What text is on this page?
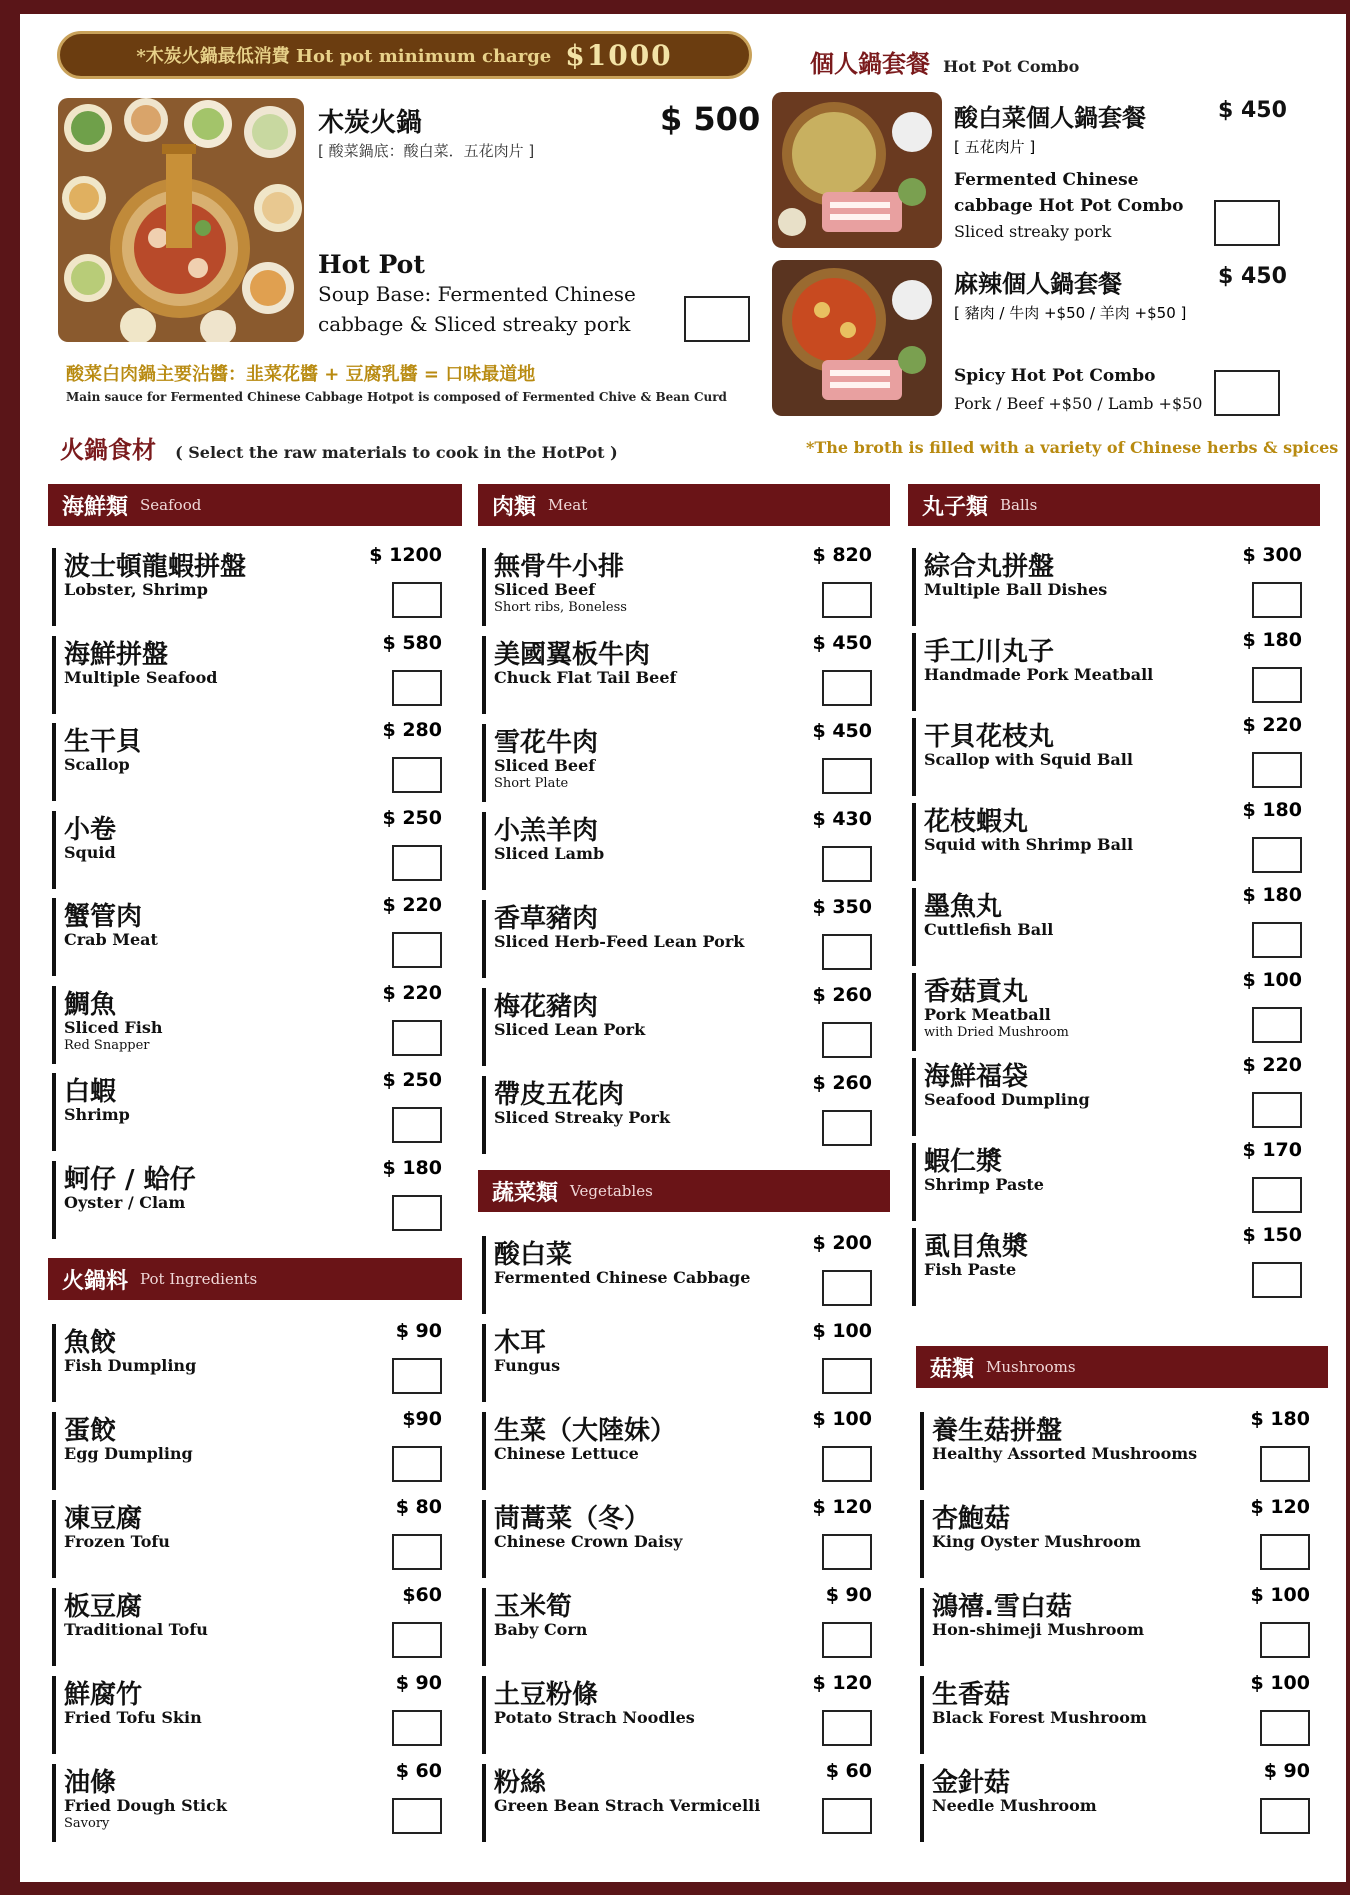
*木炭火鍋最低消費 Hot pot minimum charge $1000
木炭火鍋	$ 500
[ 酸菜鍋底：酸白菜．五花肉片 ]
Hot Pot
Soup Base: Fermented Chinese
cabbage & Sliced streaky pork
酸菜白肉鍋主要沾醬：韭菜花醬 + 豆腐乳醬 = 口味最道地
Main sauce for Fermented Chinese Cabbage Hotpot is composed of Fermented Chive & Bean Curd
個人鍋套餐 Hot Pot Combo
酸白菜個人鍋套餐	$ 450
[ 五花肉片 ]
Fermented Chinese
cabbage Hot Pot Combo
Sliced streaky pork
麻辣個人鍋套餐	$ 450
[ 豬肉 / 牛肉 +$50 / 羊肉 +$50 ]
Spicy Hot Pot Combo
Pork / Beef +$50 / Lamb +$50
火鍋食材 ( Select the raw materials to cook in the HotPot )	*The broth is filled with a variety of Chinese herbs & spices
海鮮類 Seafood
波士頓龍蝦拼盤
Lobster, Shrimp
$ 1200
海鮮拼盤
Multiple Seafood
$ 580
生干貝
Scallop
$ 280
小卷
Squid
$ 250
蟹管肉
Crab Meat
$ 220
鯛魚
Sliced Fish
Red Snapper
$ 220
白蝦
Shrimp
$ 250
蚵仔 / 蛤仔
Oyster / Clam
$ 180
火鍋料 Pot Ingredients
魚餃
Fish Dumpling
$ 90
蛋餃
Egg Dumpling
$90
凍豆腐
Frozen Tofu
$ 80
板豆腐
Traditional Tofu
$60
鮮腐竹
Fried Tofu Skin
$ 90
油條
Fried Dough Stick
Savory
$ 60
肉類 Meat
無骨牛小排
Sliced Beef
Short ribs, Boneless
$ 820
美國翼板牛肉
Chuck Flat Tail Beef
$ 450
雪花牛肉
Sliced Beef
Short Plate
$ 450
小羔羊肉
Sliced Lamb
$ 430
香草豬肉
Sliced Herb-Feed Lean Pork
$ 350
梅花豬肉
Sliced Lean Pork
$ 260
帶皮五花肉
Sliced Streaky Pork
$ 260
蔬菜類 Vegetables
酸白菜
Fermented Chinese Cabbage
$ 200
木耳
Fungus
$ 100
生菜（大陸妹）
Chinese Lettuce
$ 100
茼蒿菜（冬）
Chinese Crown Daisy
$ 120
玉米筍
Baby Corn
$ 90
土豆粉條
Potato Strach Noodles
$ 120
粉絲
Green Bean Strach Vermicelli
$ 60
丸子類 Balls
綜合丸拼盤
Multiple Ball Dishes
$ 300
手工川丸子
Handmade Pork Meatball
$ 180
干貝花枝丸
Scallop with Squid Ball
$ 220
花枝蝦丸
Squid with Shrimp Ball
$ 180
墨魚丸
Cuttlefish Ball
$ 180
香菇貢丸
Pork Meatball
with Dried Mushroom
$ 100
海鮮福袋
Seafood Dumpling
$ 220
蝦仁漿
Shrimp Paste
$ 170
虱目魚漿
Fish Paste
$ 150
菇類 Mushrooms
養生菇拼盤
Healthy Assorted Mushrooms
$ 180
杏鮑菇
King Oyster Mushroom
$ 120
鴻禧.雪白菇
Hon-shimeji Mushroom
$ 100
生香菇
Black Forest Mushroom
$ 100
金針菇
Needle Mushroom
$ 90
